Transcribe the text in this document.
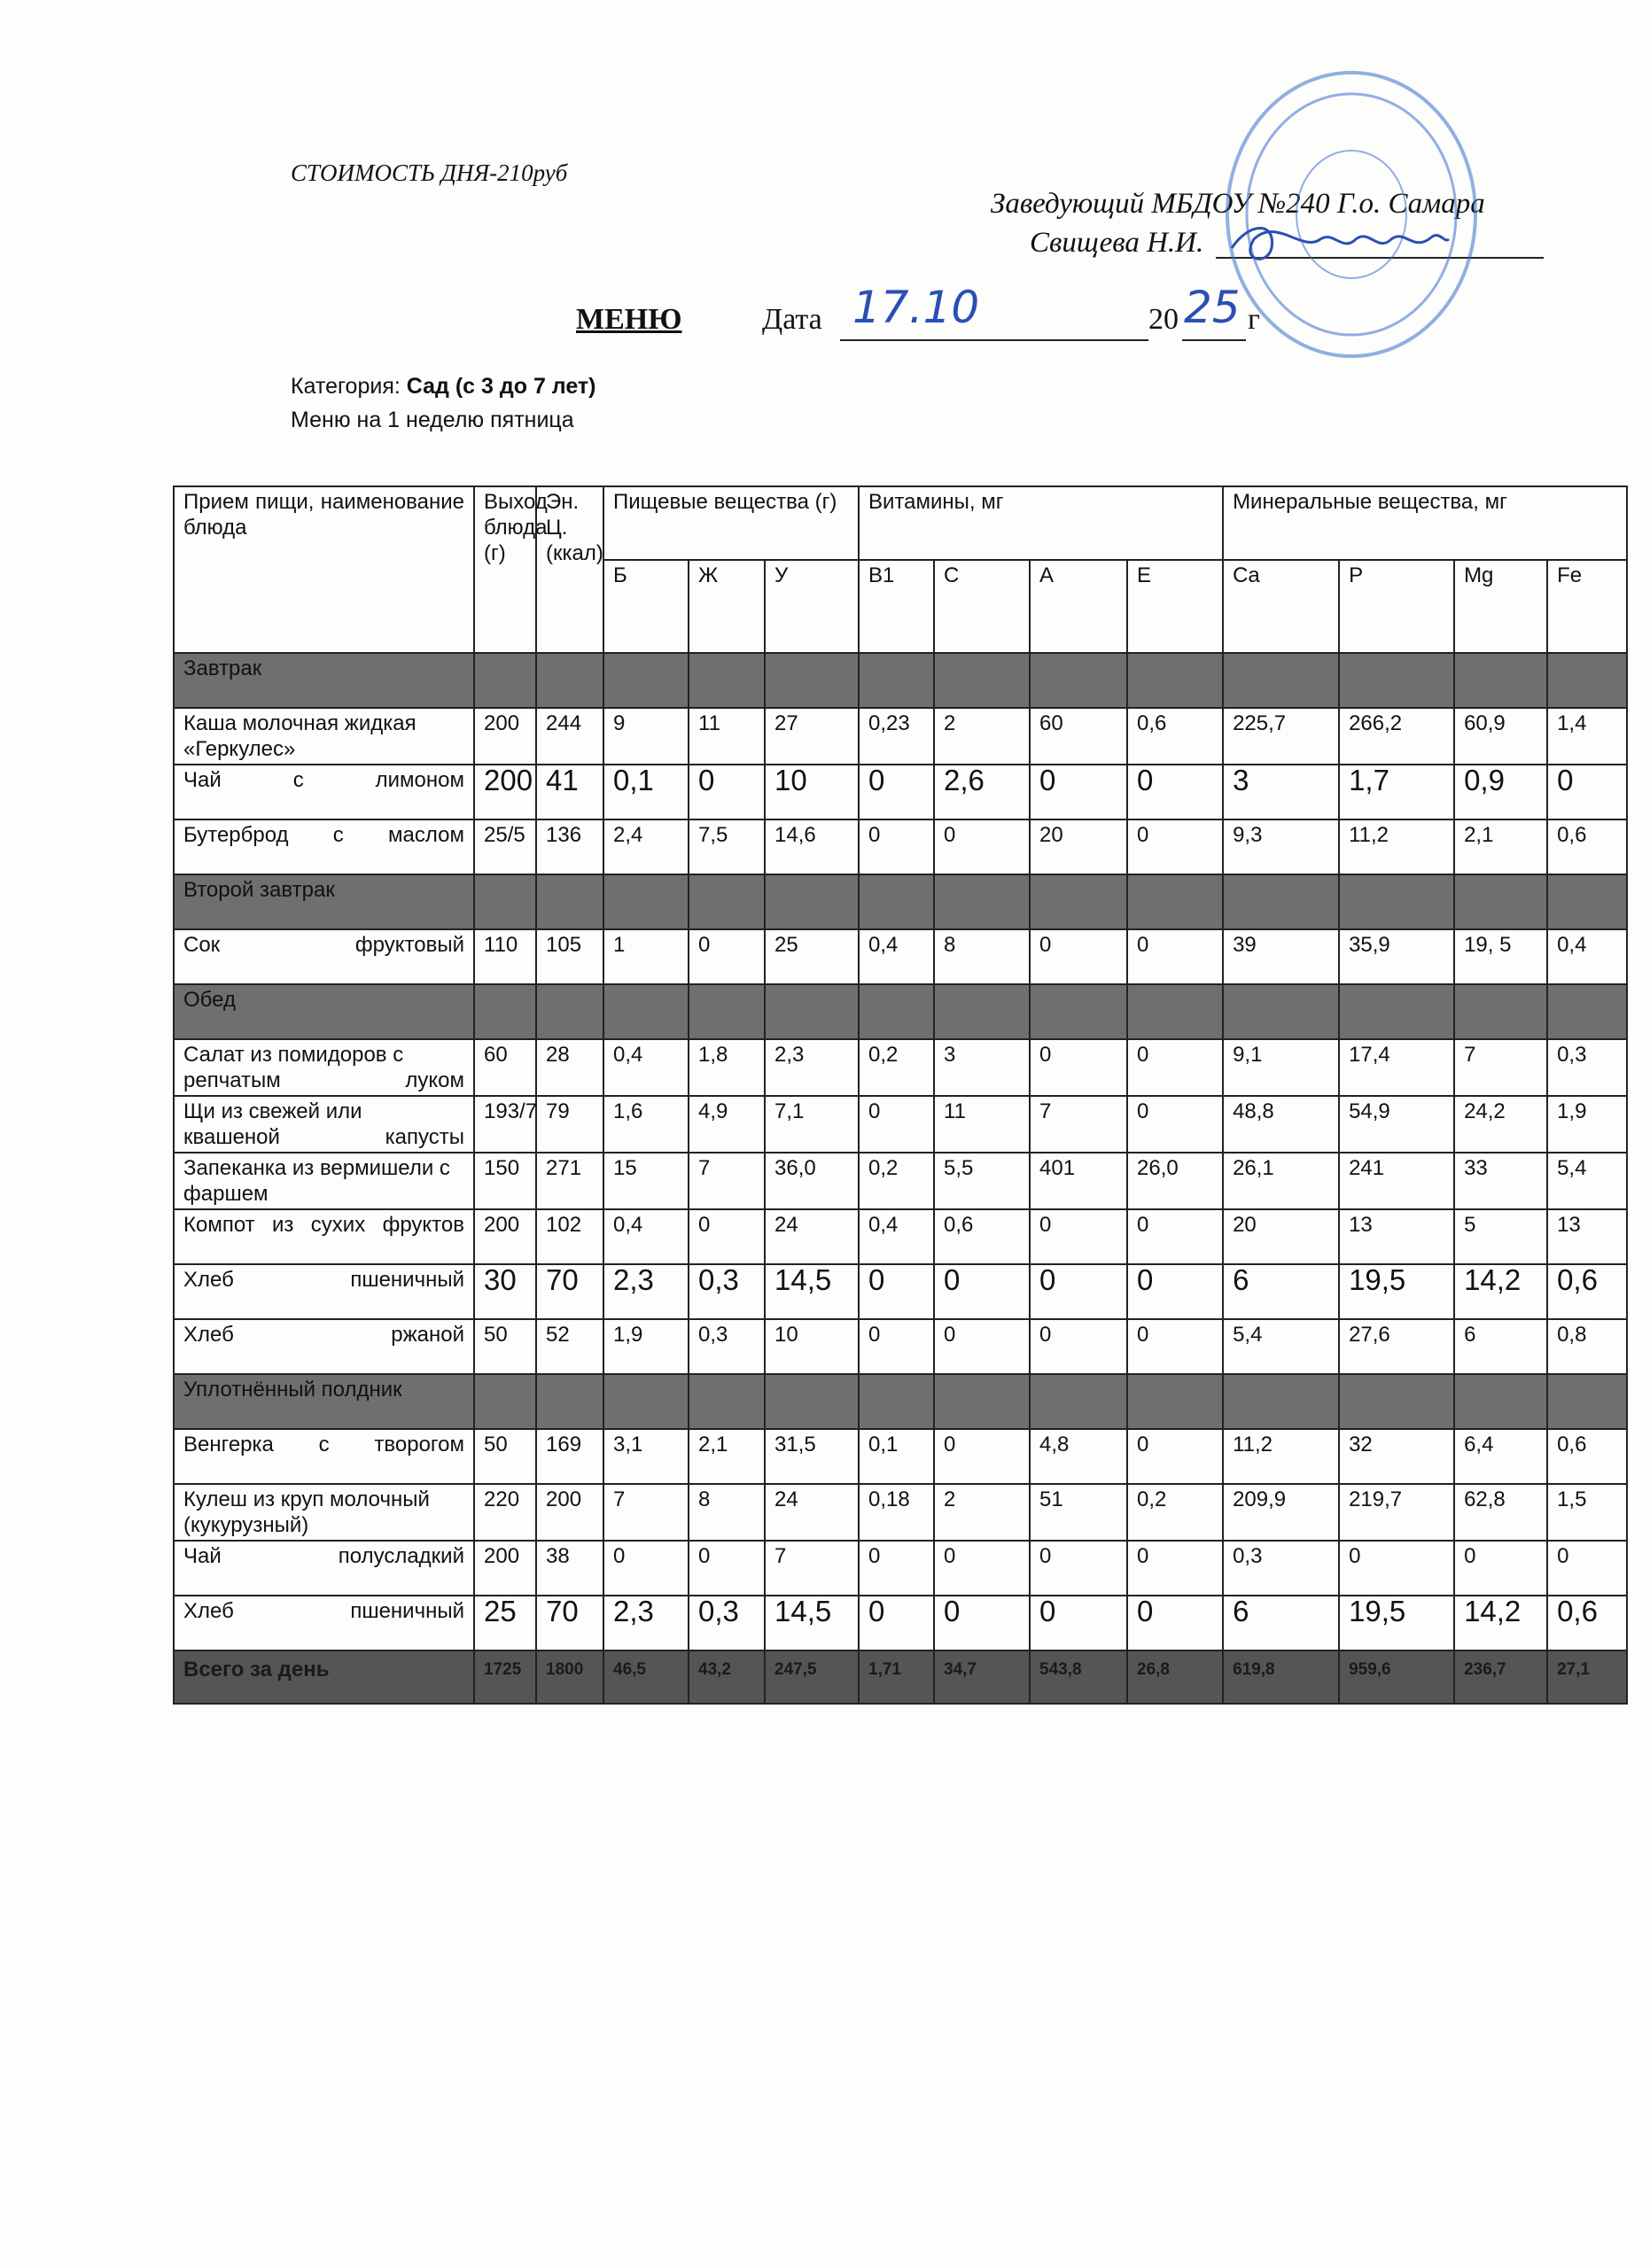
СТОИМОСТЬ ДНЯ-210руб
Заведующий МБДОУ №240 Г.о. Самара
Свищева Н.И.
МЕНЮ	Дата 17.10	20 25 г
Категория: Сад (с 3 до 7 лет)
Меню на 1 неделю пятница
Прием пищи, наименование блюда	Выход блюда (г)	Эн. Ц. (ккал)	Пищевые вещества (г)			Витамины, мг				Минеральные вещества, мг			
			Б	Ж	У	B1	C	A	E	Ca	P	Mg	Fe
Завтрак													
Каша молочная жидкая «Геркулес»	200	244	9	11	27	0,23	2	60	0,6	225,7	266,2	60,9	1,4
Чай с лимоном	200	41	0,1	0	10	0	2,6	0	0	3	1,7	0,9	0
Бутерброд с маслом	25/5	136	2,4	7,5	14,6	0	0	20	0	9,3	11,2	2,1	0,6
Второй завтрак													
Сок фруктовый	110	105	1	0	25	0,4	8	0	0	39	35,9	19, 5	0,4
Обед													
Салат из помидоров с репчатым луком	60	28	0,4	1,8	2,3	0,2	3	0	0	9,1	17,4	7	0,3
Щи из свежей или квашеной капусты	193/7	79	1,6	4,9	7,1	0	11	7	0	48,8	54,9	24,2	1,9
Запеканка из вермишели с фаршем	150	271	15	7	36,0	0,2	5,5	401	26,0	26,1	241	33	5,4
Компот из сухих фруктов	200	102	0,4	0	24	0,4	0,6	0	0	20	13	5	13
Хлеб пшеничный	30	70	2,3	0,3	14,5	0	0	0	0	6	19,5	14,2	0,6
Хлеб ржаной	50	52	1,9	0,3	10	0	0	0	0	5,4	27,6	6	0,8
Уплотнённый полдник													
Венгерка с творогом	50	169	3,1	2,1	31,5	0,1	0	4,8	0	11,2	32	6,4	0,6
Кулеш из круп молочный (кукурузный)	220	200	7	8	24	0,18	2	51	0,2	209,9	219,7	62,8	1,5
Чай полусладкий	200	38	0	0	7	0	0	0	0	0,3	0	0	0
Хлеб пшеничный	25	70	2,3	0,3	14,5	0	0	0	0	6	19,5	14,2	0,6
Всего за день	1725	1800	46,5	43,2	247,5	1,71	34,7	543,8	26,8	619,8	959,6	236,7	27,1
